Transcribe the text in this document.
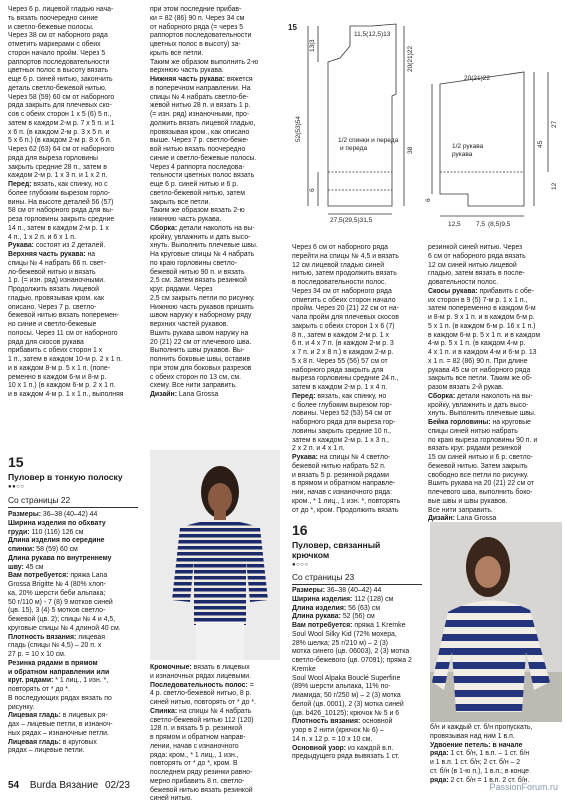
Через 6 р. лицевой гладью нача-

ть вязать поочередно синие

и светло-бежевые полосы.

Через 38 см от наборного ряда

отметить маркерами с обеих

сторон начало пройм. Через 5

раппортов последовательности

цветных полос в высоту вязать

еще 6 р. синей нитью, закончить

деталь светло-бежевой нитью.

Через 58 (59) 60 см от наборного

ряда закрыть для плечевых ско-

сов с обеих сторон 1 х 5 (6) 5 п.,

затем в каждом 2-м р. 7 х 5 п. и 1

х 6 п. (в каждом 2-м р. 3 х 5 п. и

5 х 6 п.) (в каждом 2-м р. 8 х 6 п.

Через 62 (63) 64 см от наборного

ряда для выреза горловины

закрыть средние 28 п., затем в

каждом 2-м р. 1 х 3 п. и 1 х 2 п.

Перед: вязать, как спинку, но с

более глубоким вырезом горло-

вины. На высоте деталей 56 (57)

58 см от наборного ряда для вы-

реза горловины закрыть средние

14 п., затем в каждом 2-м р. 1 х

4 п., 1 х 2 п. и 6 х 1 п.

Рукава: состоят из 2 деталей.

Верхняя часть рукава: на

спицы № 4 набрать 66 п. свет-

ло-бежевой нитью и вязать

1 р. (= изн. ряд) изнаночными.

Продолжить вязать лицевой

гладью, провязывая кром. как

описано. Через 7 р. светло-

бежевой нитью вязать поперемен-

но синие и светло-бежевые

полосы. Через 11 см от наборного

ряда для скосов рукава

прибавить с обеих сторон 1 х

1 п., затем в каждом 10-м р. 2 х 1 п.

и в каждом 8-м р. 5 х 1 п. (попе-

ременно в каждом 6-м и 8-м р.

10 х 1 п.) (в каждом 6-м р. 2 х 1 п.

и в каждом 4-м р. 1 х 1 п., выполняя

при этом последние прибав-

ки = 82 (86) 90 п. Через 34 см

от наборного ряда (= через 5

раппортов последовательности

цветных полос в высоту) за-

крыть все петли.

Таким же образом выполнить 2-ю

верхнюю часть рукава.

Нижняя часть рукава: вяжется

в поперечном направлении. На

спицы № 4 набрать светло-бе-

жевой нитью 28 п. и вязать 1 р.

(= изн. ряд) изнаночными, про-

должить вязать лицевой гладью,

провязывая кром., как описано

выше. Через 7 р. светло-беже-

вой нитью вязать поочередно

синие и светло-бежевые полосы.

Через 4 раппорта последова-

тельности цветных полос вязать

еще 6 р. синей нитью и 6 р.

светло-бежевой нитью, затем

закрыть все петли.

Таким же образом вязать 2-ю

нижнюю часть рукава.

Сборка: детали наколоть на вы-

кройку, увлажнить и дать высо-

хнуть. Выполнить плечевые швы.

На круговые спицы № 4 набрать

по краю горловины светло-

бежевой нитью 90 п. и вязать

2,5 см. Затем вязать резинкой

круг. рядами. Через

2,5 см закрыть петли по рисунку.

Нижнюю часть рукавов пришить

швом наружу к наборному ряду

верхних частей рукавов.

Вшить рукава швом наружу на

20 (21) 22 см от плечевого шва.

Выполнить швы рукавов. Вы-

полнить боковые швы, оставив

при этом для боковых разрезов

с обеих сторон по 13 см, см.

схему. Все нити заправить.

Дизайн: Lana Grossa

Через 6 см от наборного ряда

перейти на спицы № 4,5 и вязать

12 см лицевой гладью синей

нитью, затем продолжить вязать

в последовательности полос.

Через 34 см от наборного ряда

отметить с обеих сторон начало

пройм. Через 20 (21) 22 см от на-

чала пройм для плечевых скосов

закрыть с обеих сторон 1 х 6 (7)

8 п., затем в каждом 2-м р. 1 х

6 п. и 4 х 7 п. (в каждом 2-м р. 3

х 7 п. и 2 х 8 п.) в каждом 2-м р.

5 х 8 п. Через 55 (56) 57 см от

наборного ряда закрыть для

выреза горловины средние 24 п.,

затем в каждом 2-м р. 1 х 4 п.

Перед: вязать, как спинку, но

с более глубоким вырезом гор-

ловины. Через 52 (53) 54 см от

наборного ряда для выреза гор-

ловины закрыть средние 10 п.,

затем в каждом 2-м р. 1 х 3 п.,

2 х 2 п. и 4 х 1 п.

Рукава: на спицы № 4 светло-

бежевой нитью набрать 52 п.

и вязать 5 р. резинкой рядами

в прямом и обратном направле-

нии, начав с изнаночного ряда:

кром., * 1 лиц., 1 изн. *, повторять

от до *, кром. Продолжить вязать

резинкой синей нитью. Через

6 см от наборного ряда вязать

12 см синей нитью лицевой

гладью, затем вязать в после-

довательности полос.

Скосы рукава: прибавить с обе-

их сторон в 9 (5) 7-м р. 1 х 1 п.,

затем попеременно в каждом 6-м

и 8-м р. 9 х 1 п. и в каждом 6-м р.

5 х 1 п. (в каждом 6-м р. 16 х 1 п.)

в каждом 6-м р. 5 х 1 п. и в каждом

4-м р. 5 х 1 п. (в каждом 4-м р.

4 х 1 п. и в каждом 4-м и 6-м р. 13

х 1 п. = 82 (86) 90 п. При длине

рукава 45 см от наборного ряда

закрыть все петли. Таким же об-

разом вязать 2-й рукав.

Сборка: детали наколоть на вы-

кройку, увлажнить и дать высо-

хнуть. Выполнить плечевые швы.

Бейка горловины: на круговые

спицы синей нитью набрать

по краю выреза горловины 90 п. и

вязать круг. рядами резинкой

15 см синей нитью и 6 р. светло-

бежевой нитью. Затем закрыть

свободно все петли по рисунку.

Вшить рукава на 20 (21) 22 см от

плечевого шва, выполнить боко-

вые швы и швы рукавов.

Все нити заправить.

Дизайн: Lana Grossa

15
Пуловер в тонкую полоску
●●○○
Со страницы 22

Размеры: 36–38 (40–42) 44

Ширина изделия по обхвату

груди: 110 (116) 126 см

Длина изделия по середине

спинки: 58 (59) 60 см

Длина рукава по внутреннему

шву: 45 см

Вам потребуется: пряжа Lana

Grossa Brigitte № 4 (80% хлоп-

ка, 20% шерсти беби альпака;

50 г/110 м) - 7 (8) 9 мотков синей

(цв. 15), 3 (4) 5 мотков светло-

бежевой (цв. 2); спицы № 4 и 4,5,

круговые спицы № 4 длиной 40 см.

Плотность вязания: лицевая

гладь (спицы № 4,5) – 20 п. х

27 р. = 10 х 10 см.

Резинка рядами в прямом

и обратном направлении или

круг. рядами: * 1 лиц., 1 изн. *,

повторять от * до *.

В последующих рядах вязать по

рисунку.

Лицевая гладь: в лицевых ря-

дах – лицевые петли, в изнаноч-

ных рядах – изнаночные петли.

Лицевая гладь: в круговых

рядах – лицевые петли.

Кромочные: вязать в лицевых

и изнаночных рядах лицевыми.

Последовательность полос: =

4 р. светло-бежевой нитью, 8 р.

синей нитью, повторять от * до *.

Спинка: на спицы № 4 набрать

светло-бежевой нитью 112 (120)

128 п. и вязать 5 р. резинкой

в прямом и обратном направ-

лении, начав с изнаночного

ряда: кром., * 1 лиц., 1 изн.,

повторять от * до *, кром. В

последнем ряду резинки равно-

мерно прибавить 8 п. светло-

бежевой нитью вязать резинкой

синей нитью.

16
Пуловер, связанный
крючком
●○○○
Со страницы 23

Размеры: 36–38 (40–42) 44

Ширина изделия: 112 (128) см

Длина изделия: 56 (63) см

Длина рукава: 52 (56) см

Вам потребуется: пряжа 1 Kremke

Soul Wool Silky Kid (72% мохера,

28% шелка; 25 г/210 м) – 2 (3)

мотка синего (цв. 06003), 2 (3) мотка

светло-бежевого (цв. 07091); пряжа 2 Kremke

Soul Wool Alpaka Bouclé Superfine

(89% шерсти альпака, 11% по-

лиамида; 50 г/250 м) – 2 (3) мотка

белой (цв. 0001), 2 (3) мотка синей

(цв. b426_10125); крючок № 5 и 6

Плотность вязания: основной

узор в 2 нити (крючок № 6) –

14 п. х 12 р. = 10 х 10 см.

Основной узор: из каждой в.п.

предыдущего ряда вывязать 1 ст.

б/н и каждый ст. б/н пропускать,

провязывая над ним 1 в.п.

Удвоение петель: в начале

ряда: 1 ст. б/н, 1 в.п. – 1 ст. б/н

и 1 в.п. 1 ст. б/н; 2 ст. б/н – 2

ст. б/н (в 1-ю п.), 1 в.п.; в конце

ряда: 2 ст. б/н = 1 в.п. 2 ст. б/н.

15
11,5(12,5)13
27,5(29,5)31,5
1/2 спинки и переда
и переда
52(53)54
13|3
20(21)22
38
6
20(21)22
1/2 рукава
рукава
12,5 7,5 (8,5)9,5
45
27
6
12
54 Burda Вязание 02/23	PassionForum.ru
